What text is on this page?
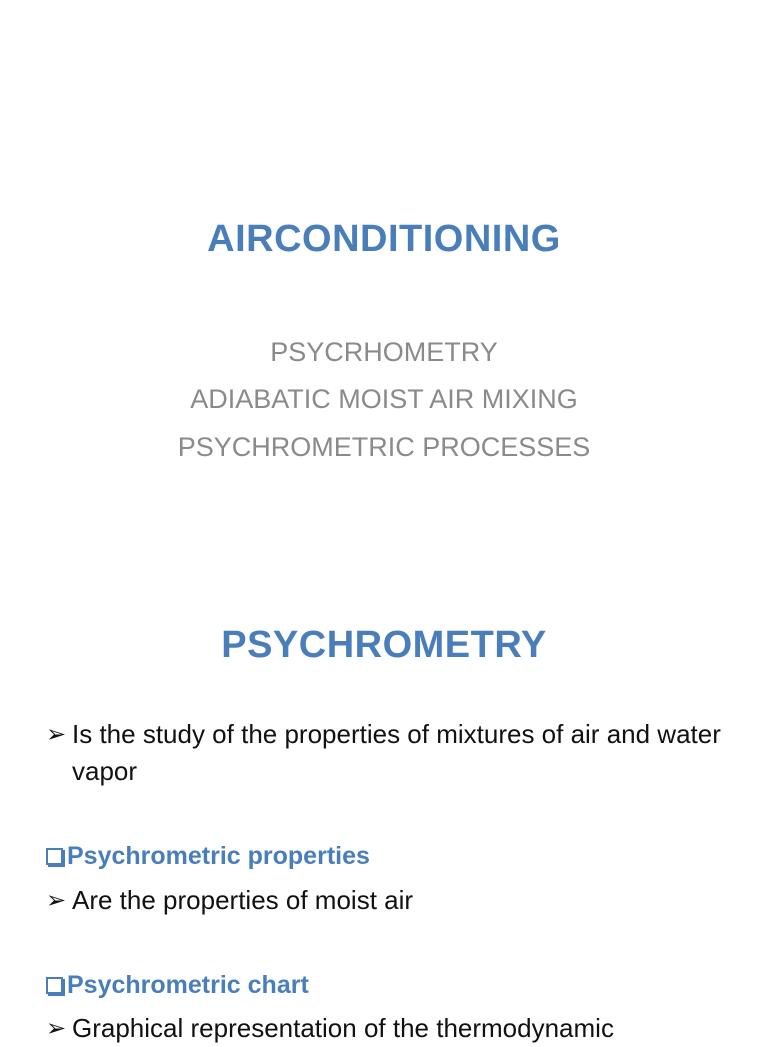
AIRCONDITIONING
PSYCRHOMETRY
ADIABATIC MOIST AIR MIXING
PSYCHROMETRIC PROCESSES
PSYCHROMETRY
➢ Is the study of the properties of mixtures of air and water vapor
Psychrometric properties
➢ Are the properties of moist air
Psychrometric chart
➢ Graphical representation of the thermodynamic
